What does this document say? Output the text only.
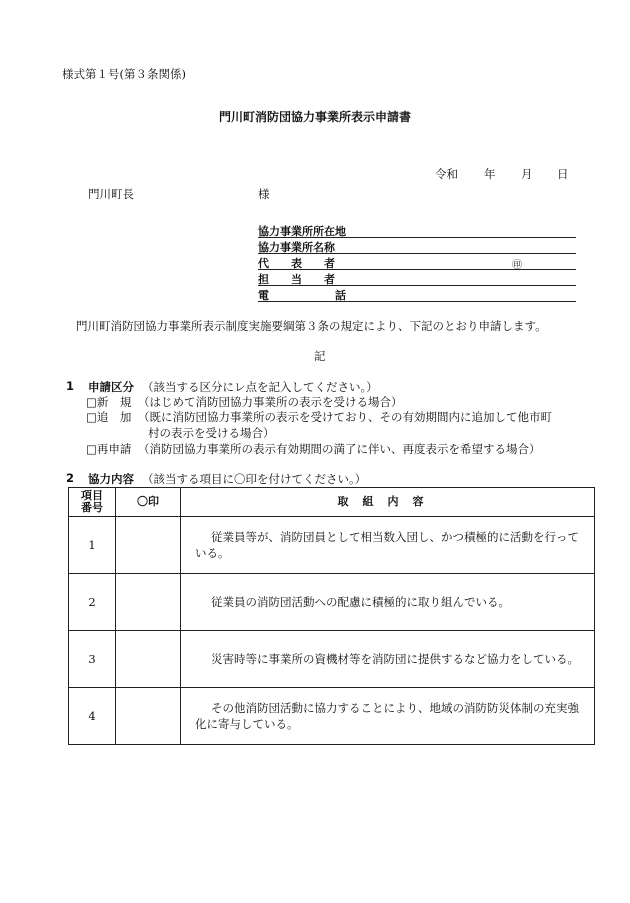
様式第１号(第３条関係)
門川町消防団協力事業所表示申請書
令和 年 月 日
門川町長	様
協力事業所所在地
協力事業所名称
代表者	㊞
担当者
電話
門川町消防団協力事業所表示制度実施要綱第３条の規定により、下記のとおり申請します。
記
1 申請区分 （該当する区分にレ点を記入してください。）
□新　規 （はじめて消防団協力事業所の表示を受ける場合）
□追　加 （既に消防団協力事業所の表示を受けており、その有効期間内に追加して他市町
村の表示を受ける場合）
□再申請 （消防団協力事業所の表示有効期間の満了に伴い、再度表示を希望する場合）
2 協力内容 （該当する項目に〇印を付けてください。）
項目
番号	〇印	取組内容
1		従業員等が、消防団員として相当数入団し、かつ積極的に活動を行っている。
2		従業員の消防団活動への配慮に積極的に取り組んでいる。
3		災害時等に事業所の資機材等を消防団に提供するなど協力をしている。
4		その他消防団活動に協力することにより、地域の消防防災体制の充実強
化に寄与している。
